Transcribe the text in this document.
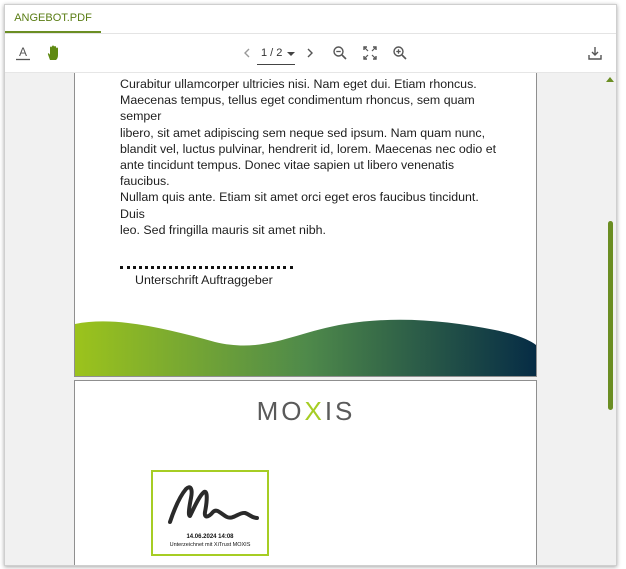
ANGEBOT.PDF
A	1 / 2
Curabitur ullamcorper ultricies nisi. Nam eget dui. Etiam rhoncus.
Maecenas tempus, tellus eget condimentum rhoncus, sem quam semper
libero, sit amet adipiscing sem neque sed ipsum. Nam quam nunc,
blandit vel, luctus pulvinar, hendrerit id, lorem. Maecenas nec odio et
ante tincidunt tempus. Donec vitae sapien ut libero venenatis faucibus.
Nullam quis ante. Etiam sit amet orci eget eros faucibus tincidunt. Duis
leo. Sed fringilla mauris sit amet nibh.
Unterschrift Auftraggeber
MOXIS
14.06.2024 14:08
Unterzeichnet mit XiTrust MOXIS
